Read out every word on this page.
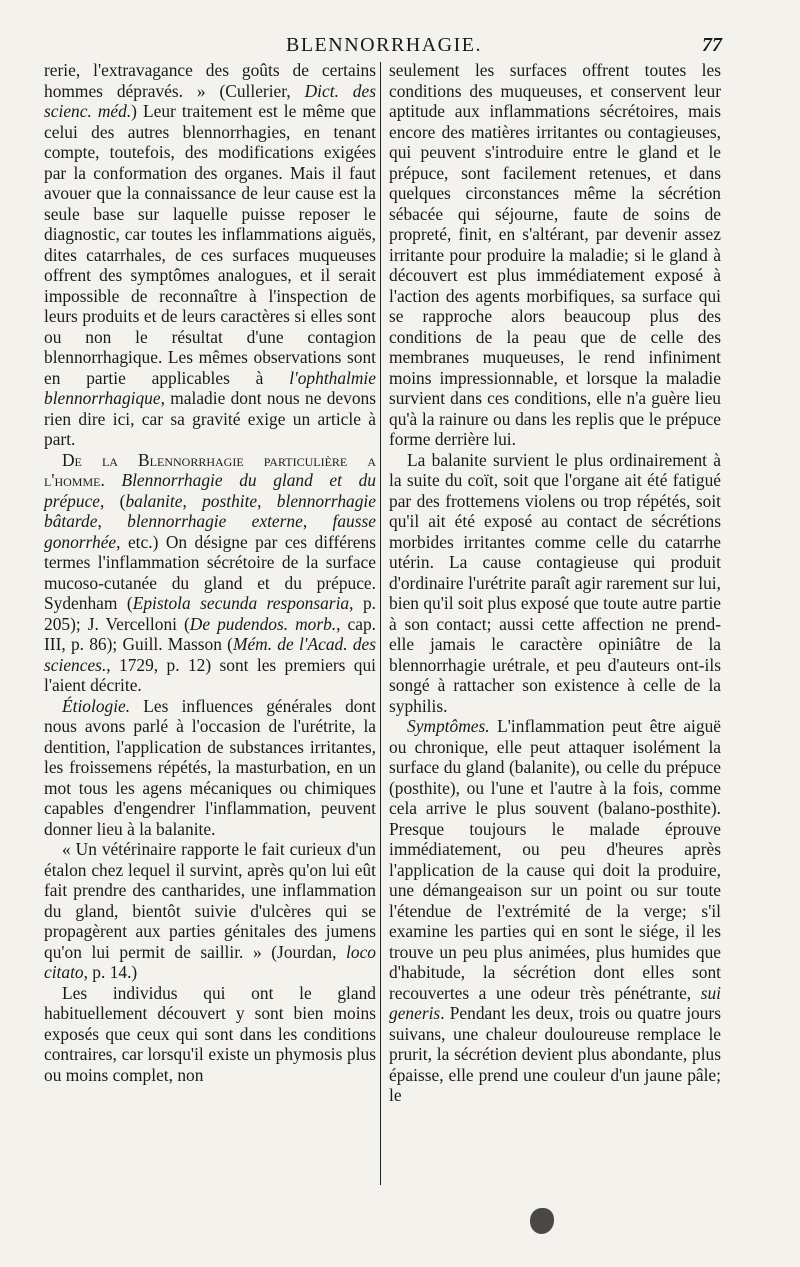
BLENNORRHAGIE.	77

rerie, l'extravagance des goûts de certains hommes dépravés. » (Cullerier, Dict. des scienc. méd.) Leur traitement est le même que celui des autres blennorrhagies, en tenant compte, toutefois, des modifications exigées par la conformation des organes. Mais il faut avouer que la connaissance de leur cause est la seule base sur laquelle puisse reposer le diagnostic, car toutes les inflammations aiguës, dites catarrhales, de ces surfaces muqueuses offrent des symptômes analogues, et il serait impossible de reconnaître à l'inspection de leurs produits et de leurs caractères si elles sont ou non le résultat d'une contagion blennorrhagique. Les mêmes observations sont en partie applicables à l'ophthalmie blennorrhagique, maladie dont nous ne devons rien dire ici, car sa gravité exige un article à part.

De la Blennorrhagie particulière a l'homme. Blennorrhagie du gland et du prépuce, (balanite, posthite, blennorrhagie bâtarde, blennorrhagie externe, fausse gonorrhée, etc.) On désigne par ces différens termes l'inflammation sécrétoire de la surface mucoso-cutanée du gland et du prépuce. Sydenham (Epistola secunda responsaria, p. 205); J. Vercelloni (De pudendos. morb., cap. III, p. 86); Guill. Masson (Mém. de l'Acad. des sciences., 1729, p. 12) sont les premiers qui l'aient décrite.

Étiologie. Les influences générales dont nous avons parlé à l'occasion de l'urétrite, la dentition, l'application de substances irritantes, les froissemens répétés, la masturbation, en un mot tous les agens mécaniques ou chimiques capables d'engendrer l'inflammation, peuvent donner lieu à la balanite.

« Un vétérinaire rapporte le fait curieux d'un étalon chez lequel il survint, après qu'on lui eût fait prendre des cantharides, une inflammation du gland, bientôt suivie d'ulcères qui se propagèrent aux parties génitales des jumens qu'on lui permit de saillir. » (Jourdan, loco citato, p. 14.)

Les individus qui ont le gland habituellement découvert y sont bien moins exposés que ceux qui sont dans les conditions contraires, car lorsqu'il existe un phymosis plus ou moins complet, non

seulement les surfaces offrent toutes les conditions des muqueuses, et conservent leur aptitude aux inflammations sécrétoires, mais encore des matières irritantes ou contagieuses, qui peuvent s'introduire entre le gland et le prépuce, sont facilement retenues, et dans quelques circonstances même la sécrétion sébacée qui séjourne, faute de soins de propreté, finit, en s'altérant, par devenir assez irritante pour produire la maladie; si le gland à découvert est plus immédiatement exposé à l'action des agents morbifiques, sa surface qui se rapproche alors beaucoup plus des conditions de la peau que de celle des membranes muqueuses, le rend infiniment moins impressionnable, et lorsque la maladie survient dans ces conditions, elle n'a guère lieu qu'à la rainure ou dans les replis que le prépuce forme derrière lui.

La balanite survient le plus ordinairement à la suite du coït, soit que l'organe ait été fatigué par des frottemens violens ou trop répétés, soit qu'il ait été exposé au contact de sécrétions morbides irritantes comme celle du catarrhe utérin. La cause contagieuse qui produit d'ordinaire l'urétrite paraît agir rarement sur lui, bien qu'il soit plus exposé que toute autre partie à son contact; aussi cette affection ne prend-elle jamais le caractère opiniâtre de la blennorrhagie urétrale, et peu d'auteurs ont-ils songé à rattacher son existence à celle de la syphilis.

Symptômes. L'inflammation peut être aiguë ou chronique, elle peut attaquer isolément la surface du gland (balanite), ou celle du prépuce (posthite), ou l'une et l'autre à la fois, comme cela arrive le plus souvent (balano-posthite). Presque toujours le malade éprouve immédiatement, ou peu d'heures après l'application de la cause qui doit la produire, une démangeaison sur un point ou sur toute l'étendue de l'extrémité de la verge; s'il examine les parties qui en sont le siége, il les trouve un peu plus animées, plus humides que d'habitude, la sécrétion dont elles sont recouvertes a une odeur très pénétrante, sui generis. Pendant les deux, trois ou quatre jours suivans, une chaleur douloureuse remplace le prurit, la sécrétion devient plus abondante, plus épaisse, elle prend une couleur d'un jaune pâle; le
